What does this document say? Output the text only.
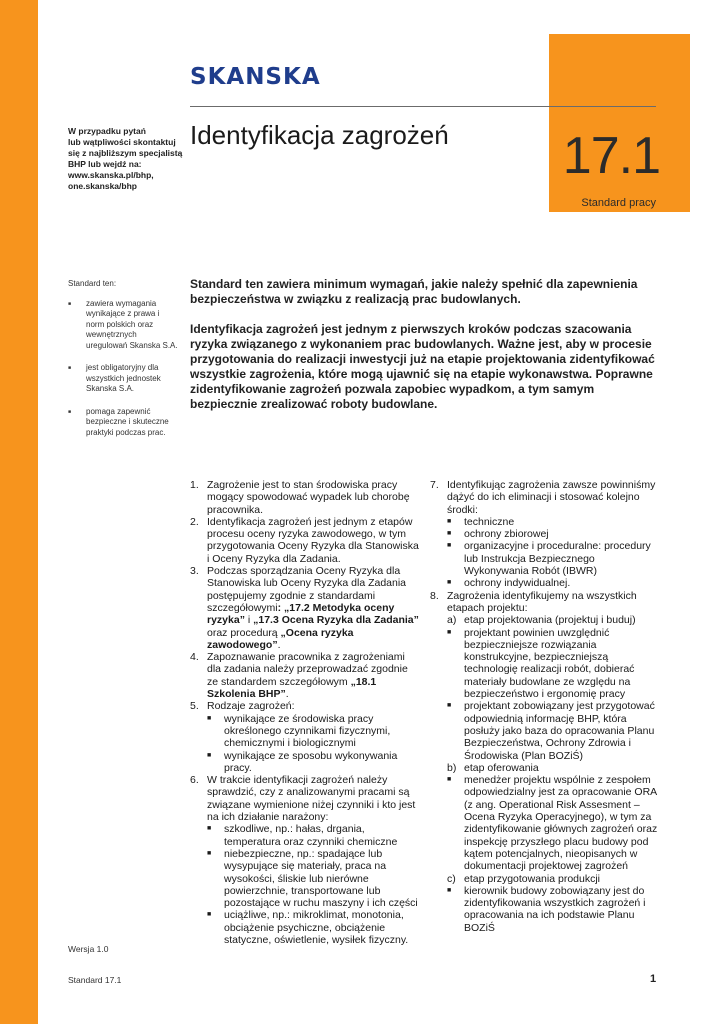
17.1
Standard pracy
SKANSKA
W przypadku pytań
lub wątpliwości skontaktuj
się z najbliższym specjalistą
BHP lub wejdź na:
www.skanska.pl/bhp,
one.skanska/bhp
Identyfikacja zagrożeń
Standard ten:
■ zawiera wymagania wynikające z prawa i norm polskich oraz wewnętrznych uregulowań Skanska S.A.
■ jest obligatoryjny dla wszystkich jednostek Skanska S.A.
■ pomaga zapewnić bezpieczne i skuteczne praktyki podczas prac.

Standard ten zawiera minimum wymagań, jakie należy spełnić dla zapewnienia bezpieczeństwa w związku z realizacją prac budowlanych.

Identyfikacja zagrożeń jest jednym z pierwszych kroków podczas szacowania ryzyka związanego z wykonaniem prac budowlanych. Ważne jest, aby w procesie przygotowania do realizacji inwestycji już na etapie projektowania zidentyfikować wszystkie zagrożenia, które mogą ujawnić się na etapie wykonawstwa. Poprawne zidentyfikowanie zagrożeń pozwala zapobiec wypadkom, a tym samym bezpiecznie zrealizować roboty budowlane.

1. Zagrożenie jest to stan środowiska pracy mogący spowodować wypadek lub chorobę pracownika.
2. Identyfikacja zagrożeń jest jednym z etapów procesu oceny ryzyka zawodowego, w tym przygotowania Oceny Ryzyka dla Stanowiska i Oceny Ryzyka dla Zadania.
3. Podczas sporządzania Oceny Ryzyka dla Stanowiska lub Oceny Ryzyka dla Zadania postępujemy zgodnie z standardami szczegółowymi: „17.2 Metodyka oceny ryzyka” i „17.3 Ocena Ryzyka dla Zadania” oraz procedurą „Ocena ryzyka zawodowego”.
4. Zapoznawanie pracownika z zagrożeniami dla zadania należy przeprowadzać zgodnie ze standardem szczegółowym „18.1 Szkolenia BHP”.
5. Rodzaje zagrożeń:
■	wynikające ze środowiska pracy określonego czynnikami fizycznymi, chemicznymi i biologicznymi
■	wynikające ze sposobu wykonywania pracy.
6. W trakcie identyfikacji zagrożeń należy sprawdzić, czy z analizowanymi pracami są związane wymienione niżej czynniki i kto jest na ich działanie narażony:
■	szkodliwe, np.: hałas, drgania, temperatura oraz czynniki chemiczne
■	niebezpieczne, np.: spadające lub wysypujące się materiały, praca na wysokości, śliskie lub nierówne powierzchnie, transportowane lub pozostające w ruchu maszyny i ich części
■	uciążliwe, np.: mikroklimat, monotonia, obciążenie psychiczne, obciążenie statyczne, oświetlenie, wysiłek fizyczny.
7. Identyfikując zagrożenia zawsze powinniśmy dążyć do ich eliminacji i stosować kolejno środki:
■	techniczne
■	ochrony zbiorowej
■	organizacyjne i proceduralne: procedury lub Instrukcja Bezpiecznego Wykonywania Robót (IBWR)
■	ochrony indywidualnej.
8. Zagrożenia identyfikujemy na wszystkich etapach projektu:
a) etap projektowania (projektuj i buduj)
■	projektant powinien uwzględnić bezpieczniejsze rozwiązania konstrukcyjne, bezpieczniejszą technologię realizacji robót, dobierać materiały budowlane ze względu na bezpieczeństwo i ergonomię pracy
■	projektant zobowiązany jest przygotować odpowiednią informację BHP, która posłuży jako baza do opracowania Planu Bezpieczeństwa, Ochrony Zdrowia i Środowiska (Plan BOZiŚ)
b) etap oferowania
■	menedżer projektu wspólnie z zespołem odpowiedzialny jest za opracowanie ORA (z ang. Operational Risk Assesment – Ocena Ryzyka Operacyjnego), w tym za zidentyfikowanie głównych zagrożeń oraz inspekcję przyszłego placu budowy pod kątem potencjalnych, nieopisanych w dokumentacji projektowej zagrożeń
c) etap przygotowania produkcji
■	kierownik budowy zobowiązany jest do zidentyfikowania wszystkich zagrożeń i opracowania na ich podstawie Planu BOZiŚ
Wersja 1.0
Standard 17.1	1
